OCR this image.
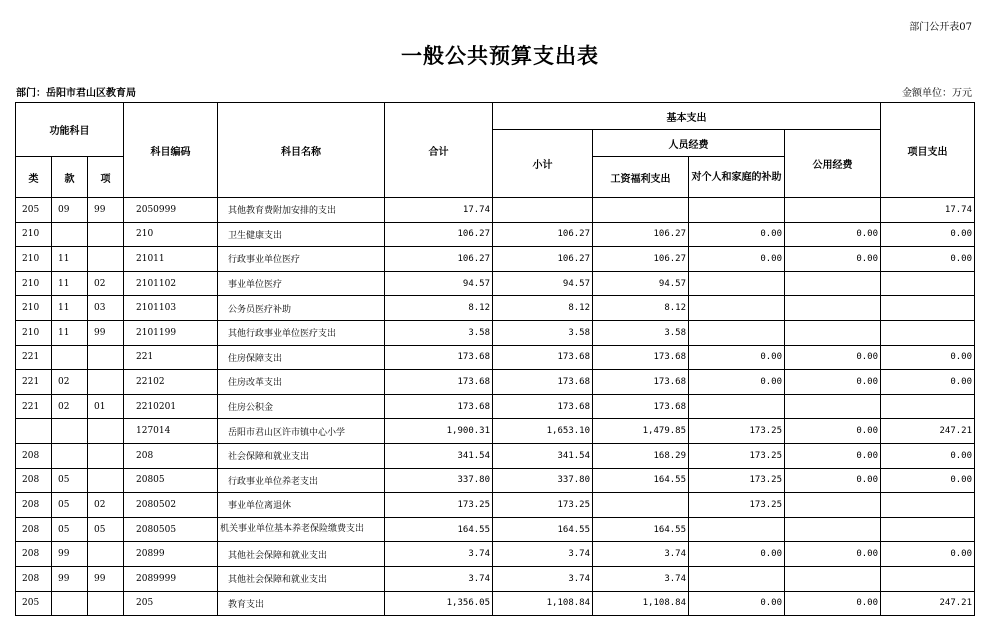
部门公开表07
一般公共预算支出表
部门：岳阳市君山区教育局	金额单位：万元
功能科目			科目编码	科目名称	合计	基本支出				项目支出
						小计	人员经费		公用经费	
类	款	项					工资福利支出	对个人和家庭的补助		
205	09	99	2050999	其他教育费附加安排的支出	17.74					17.74
210			210	卫生健康支出	106.27	106.27	106.27	0.00	0.00	0.00
210	11		21011	行政事业单位医疗	106.27	106.27	106.27	0.00	0.00	0.00
210	11	02	2101102	事业单位医疗	94.57	94.57	94.57			
210	11	03	2101103	公务员医疗补助	8.12	8.12	8.12			
210	11	99	2101199	其他行政事业单位医疗支出	3.58	3.58	3.58			
221			221	住房保障支出	173.68	173.68	173.68	0.00	0.00	0.00
221	02		22102	住房改革支出	173.68	173.68	173.68	0.00	0.00	0.00
221	02	01	2210201	住房公积金	173.68	173.68	173.68			
			127014	岳阳市君山区许市镇中心小学	1,900.31	1,653.10	1,479.85	173.25	0.00	247.21
208			208	社会保障和就业支出	341.54	341.54	168.29	173.25	0.00	0.00
208	05		20805	行政事业单位养老支出	337.80	337.80	164.55	173.25	0.00	0.00
208	05	02	2080502	事业单位离退休	173.25	173.25		173.25		
208	05	05	2080505	机关事业单位基本养老保险缴费支出	164.55	164.55	164.55			
208	99		20899	其他社会保障和就业支出	3.74	3.74	3.74	0.00	0.00	0.00
208	99	99	2089999	其他社会保障和就业支出	3.74	3.74	3.74			
205			205	教育支出	1,356.05	1,108.84	1,108.84	0.00	0.00	247.21
